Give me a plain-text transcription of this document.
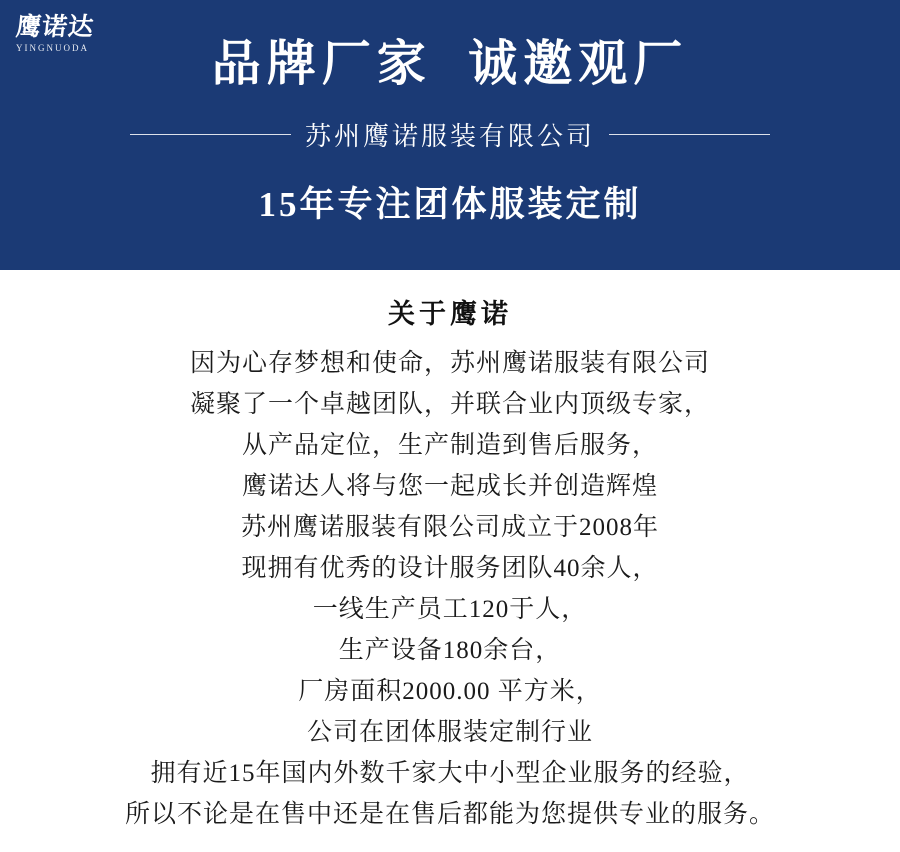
鹰诺达
YINGNUODA	品牌厂家  诚邀观厂
苏州鹰诺服装有限公司
15年专注团体服装定制
关于鹰诺
因为心存梦想和使命，苏州鹰诺服装有限公司
凝聚了一个卓越团队，并联合业内顶级专家，
从产品定位，生产制造到售后服务，
鹰诺达人将与您一起成长并创造辉煌
苏州鹰诺服装有限公司成立于2008年
现拥有优秀的设计服务团队40余人，
一线生产员工120于人，
生产设备180余台，
厂房面积2000.00 平方米，
公司在团体服装定制行业
拥有近15年国内外数千家大中小型企业服务的经验，
所以不论是在售中还是在售后都能为您提供专业的服务。
